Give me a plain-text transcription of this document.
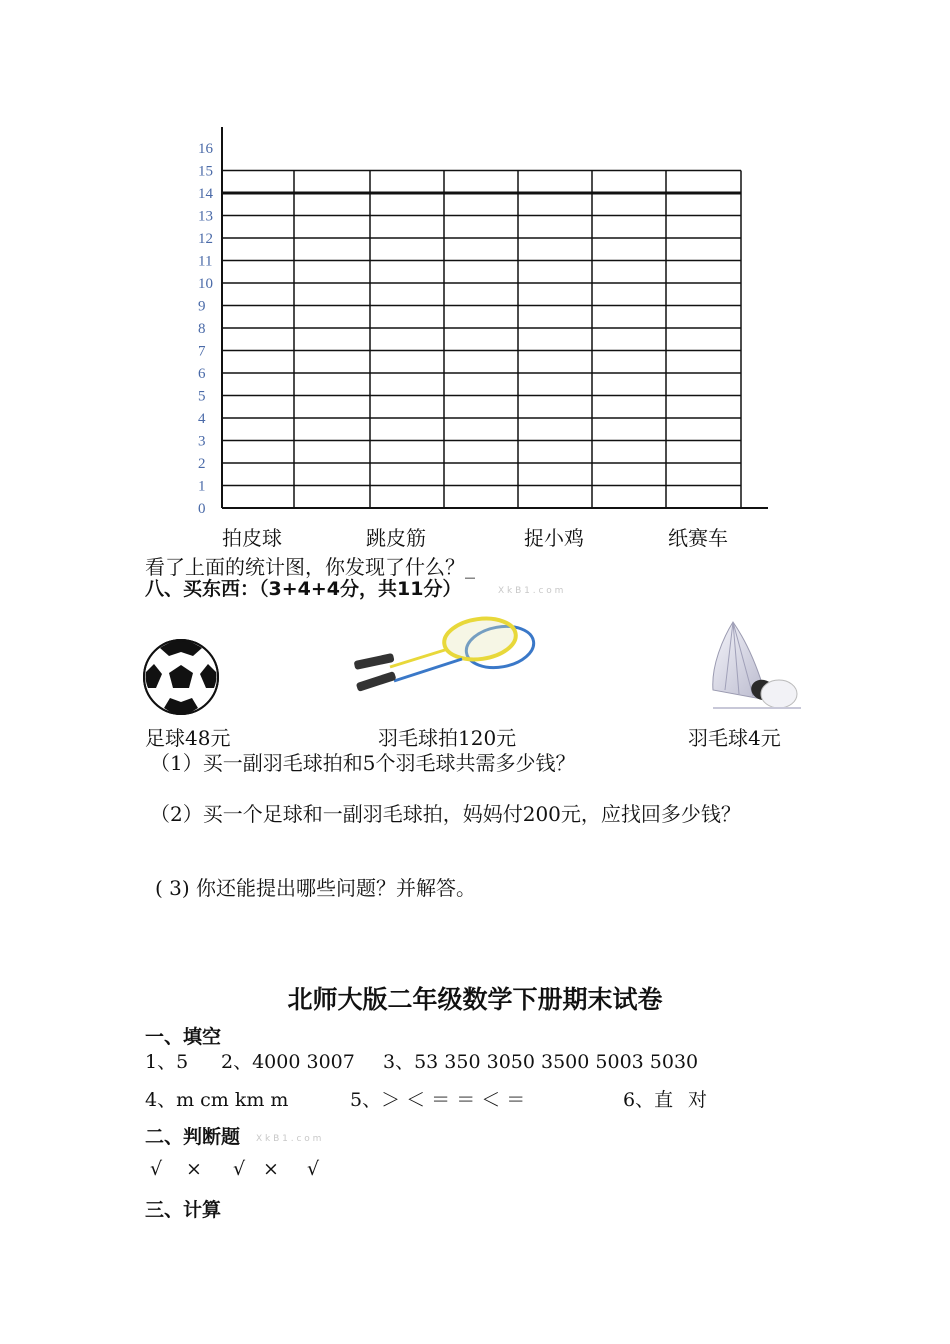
16
15
14
13
12
11
10
9
8
7
6
5
4
3
2
1
0
拍皮球	跳皮筋	捉小鸡	纸赛车
看了上面的统计图，你发现了什么？_
八、买东西：（3+4+4分，共11分）	X k B 1 . c o m
足球48元	羽毛球拍120元	羽毛球4元
（1）买一副羽毛球拍和5个羽毛球共需多少钱？
（2）买一个足球和一副羽毛球拍，妈妈付200元，应找回多少钱？
( 3) 你还能提出哪些问题？并解答。
北师大版二年级数学下册期末试卷
一、填空
1、5 2、4000 3007 3、53 350 3050 3500 5003 5030
4、m cm km m	5、＞ ＜ ＝ ＝ ＜ ＝	6、直 对
二、判断题 X k B 1 . c o m
√ × √ × √
三、计算
